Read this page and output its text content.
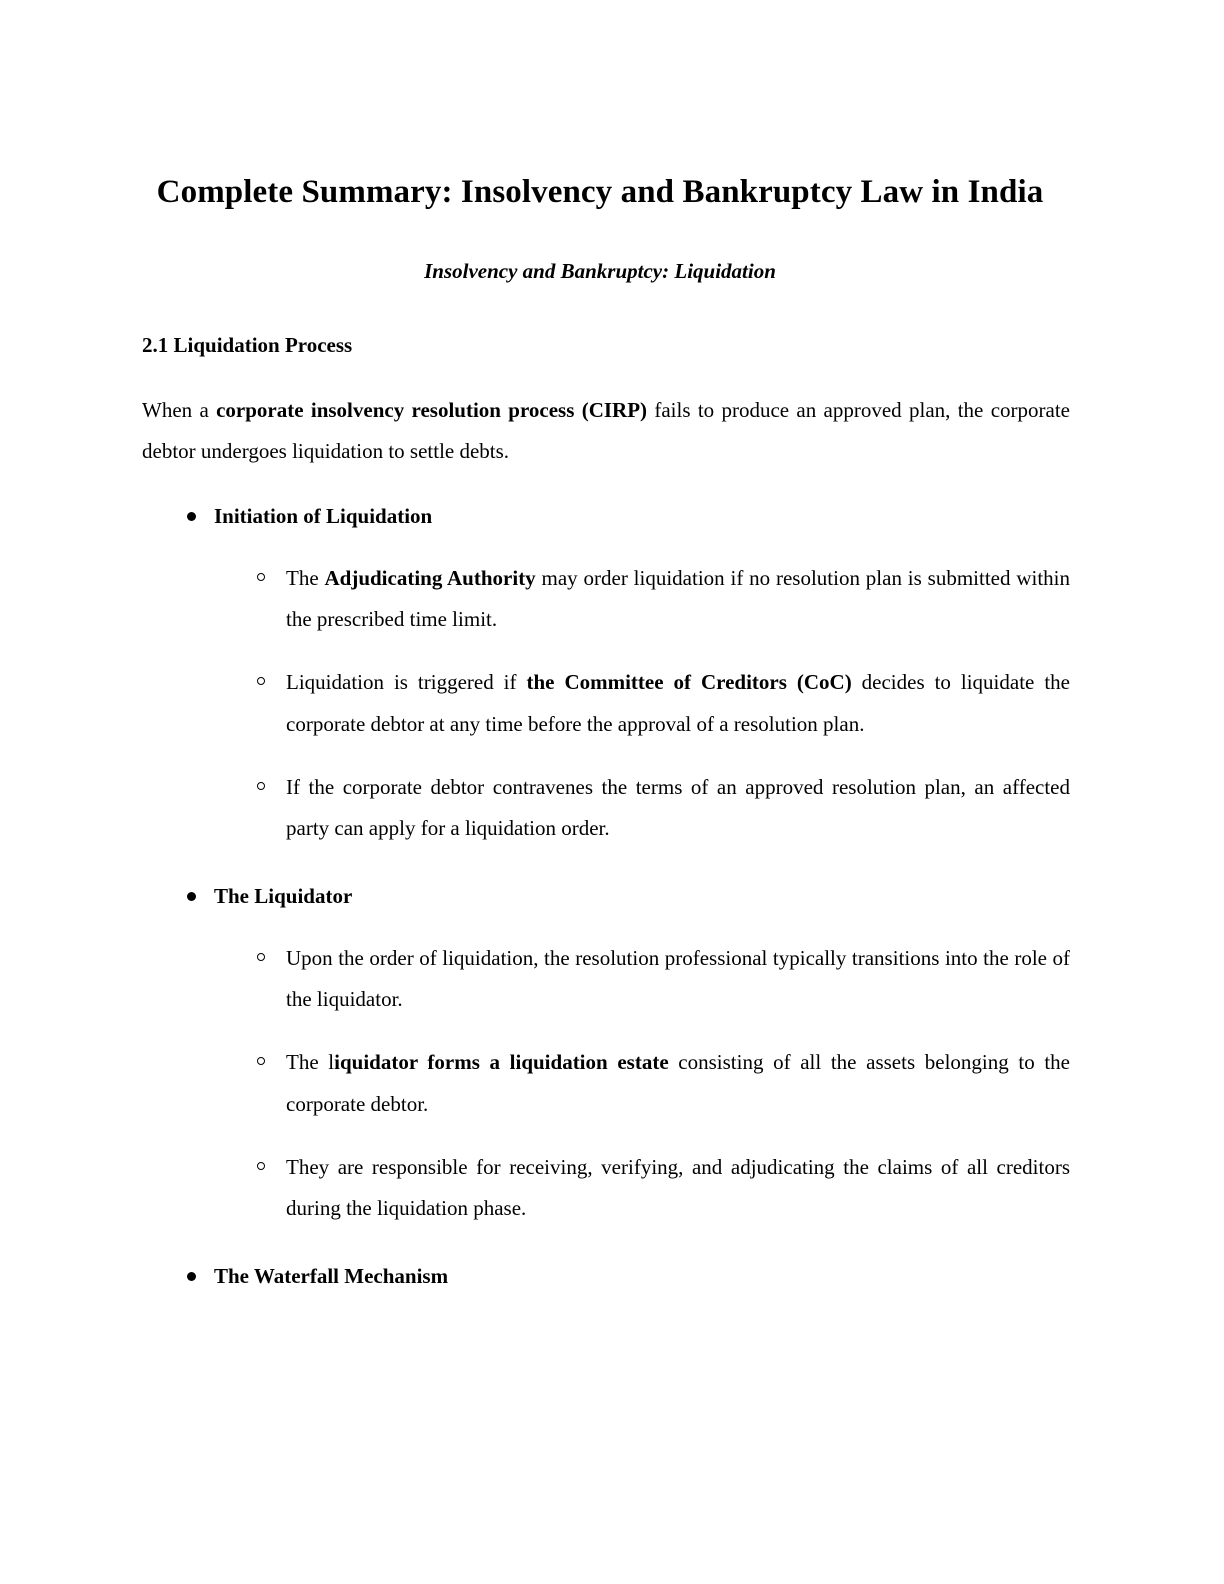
Complete Summary: Insolvency and Bankruptcy Law in India
Insolvency and Bankruptcy: Liquidation
2.1 Liquidation Process

When a corporate insolvency resolution process (CIRP) fails to produce an approved plan, the corporate debtor undergoes liquidation to settle debts.

Initiation of Liquidation
The Adjudicating Authority may order liquidation if no resolution plan is submitted within the prescribed time limit.
Liquidation is triggered if the Committee of Creditors (CoC) decides to liquidate the corporate debtor at any time before the approval of a resolution plan.
If the corporate debtor contravenes the terms of an approved resolution plan, an affected party can apply for a liquidation order.
The Liquidator
Upon the order of liquidation, the resolution professional typically transitions into the role of the liquidator.
The liquidator forms a liquidation estate consisting of all the assets belonging to the corporate debtor.
They are responsible for receiving, verifying, and adjudicating the claims of all creditors during the liquidation phase.
The Waterfall Mechanism
